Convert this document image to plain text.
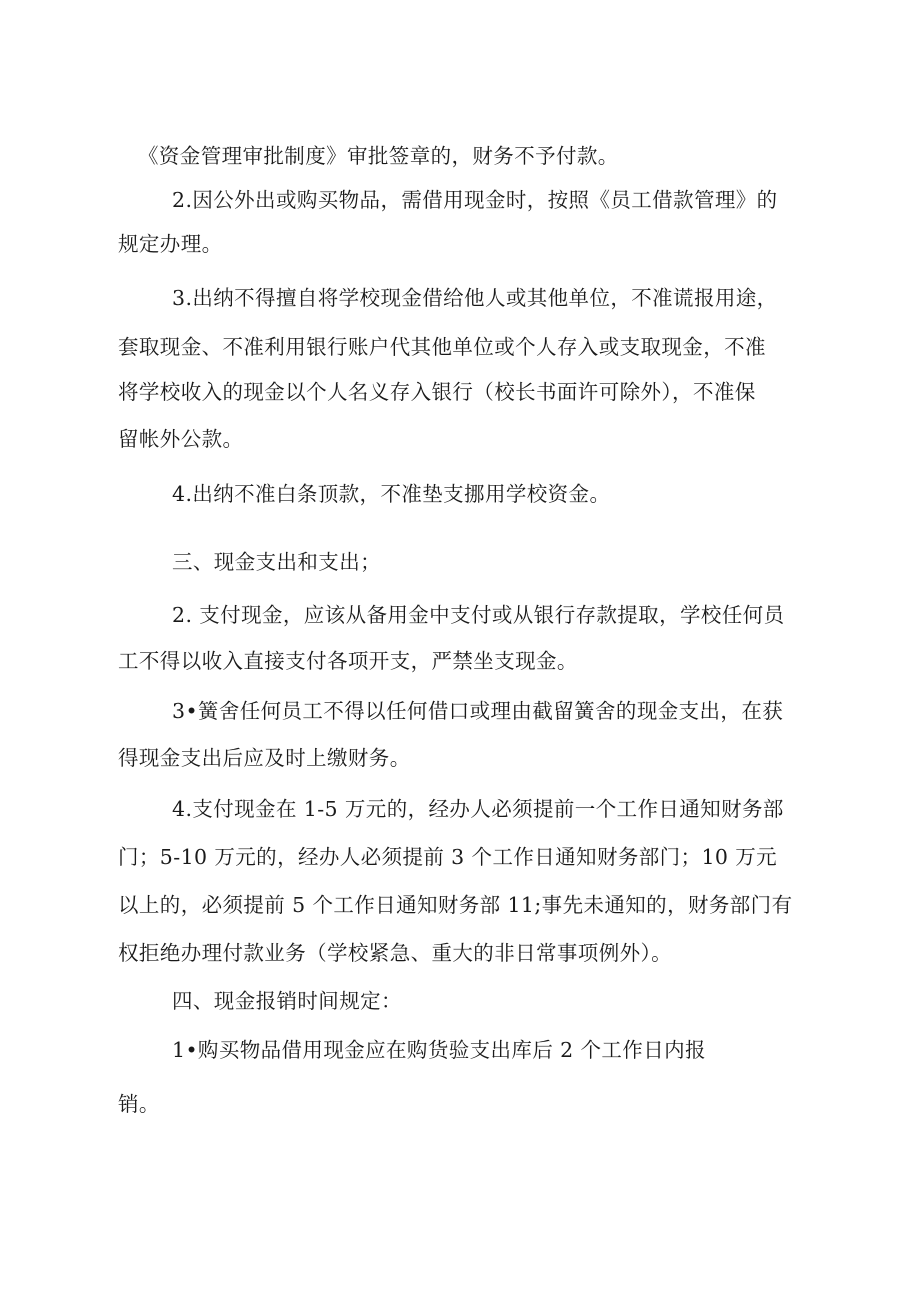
《资金管理审批制度》审批签章的，财务不予付款。
2.因公外出或购买物品，需借用现金时，按照《员工借款管理》的
规定办理。
3.出纳不得擅自将学校现金借给他人或其他单位，不准谎报用途，
套取现金、不准利用银行账户代其他单位或个人存入或支取现金，不准
将学校收入的现金以个人名义存入银行（校长书面许可除外），不准保
留帐外公款。
4.出纳不准白条顶款，不准垫支挪用学校资金。
三、现金支出和支出；
2. 支付现金，应该从备用金中支付或从银行存款提取，学校任何员
工不得以收入直接支付各项开支，严禁坐支现金。
3•簧舍任何员工不得以任何借口或理由截留簧舍的现金支出，在获
得现金支出后应及时上缴财务。
4.支付现金在 1-5 万元的，经办人必须提前一个工作日通知财务部
门；5-10 万元的，经办人必须提前 3 个工作日通知财务部门；10 万元
以上的，必须提前 5 个工作日通知财务部 11;事先未通知的，财务部门有
权拒绝办理付款业务（学校紧急、重大的非日常事项例外）。
四、现金报销时间规定：
1•购买物品借用现金应在购货验支出库后 2 个工作日内报
销。
